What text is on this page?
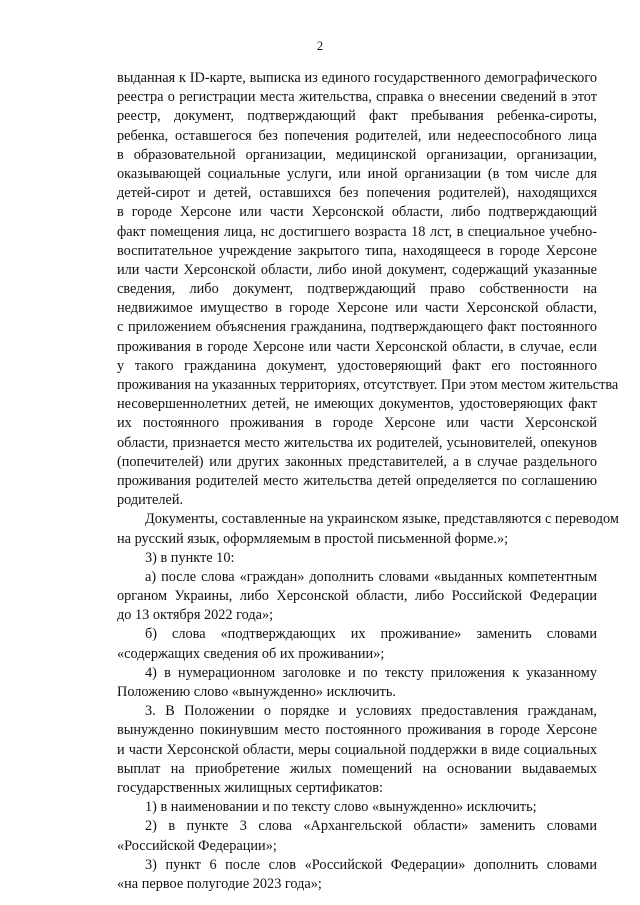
2
выданная к ID-карте, выписка из единого государственного демографического
реестра о регистрации места жительства, справка о внесении сведений в этот
реестр, документ, подтверждающий факт пребывания ребенка-сироты,
ребенка, оставшегося без попечения родителей, или недееспособного лица
в образовательной организации, медицинской организации, организации,
оказывающей социальные услуги, или иной организации (в том числе для
детей-сирот и детей, оставшихся без попечения родителей), находящихся
в городе Херсоне или части Херсонской области, либо подтверждающий
факт помещения лица, нс достигшего возраста 18 лст, в специальное учебно-
воспитательное учреждение закрытого типа, находящееся в городе Херсоне
или части Херсонской области, либо иной документ, содержащий указанные
сведения, либо документ, подтверждающий право собственности на
недвижимое имущество в городе Херсоне или части Херсонской области,
с приложением объяснения гражданина, подтверждающего факт постоянного
проживания в городе Херсоне или части Херсонской области, в случае, если
у такого гражданина документ, удостоверяющий факт его постоянного
проживания на указанных территориях, отсутствует. При этом местом жительства
несовершеннолетних детей, не имеющих документов, удостоверяющих факт
их постоянного проживания в городе Херсоне или части Херсонской
области, признается место жительства их родителей, усыновителей, опекунов
(попечителей) или других законных представителей, а в случае раздельного
проживания родителей место жительства детей определяется по соглашению
родителей.
Документы, составленные на украинском языке, представляются с переводом
на русский язык, оформляемым в простой письменной форме.»;
3) в пункте 10:
а) после слова «граждан» дополнить словами «выданных компетентным
органом Украины, либо Херсонской области, либо Российской Федерации
до 13 октября 2022 года»;
б) слова «подтверждающих их проживание» заменить словами
«содержащих сведения об их проживании»;
4) в нумерационном заголовке и по тексту приложения к указанному
Положению слово «вынужденно» исключить.
3. В Положении о порядке и условиях предоставления гражданам,
вынужденно покинувшим место постоянного проживания в городе Херсоне
и части Херсонской области, меры социальной поддержки в виде социальных
выплат на приобретение жилых помещений на основании выдаваемых
государственных жилищных сертификатов:
1) в наименовании и по тексту слово «вынужденно» исключить;
2) в пункте 3 слова «Архангельской области» заменить словами
«Российской Федерации»;
3) пункт 6 после слов «Российской Федерации» дополнить словами
«на первое полугодие 2023 года»;
